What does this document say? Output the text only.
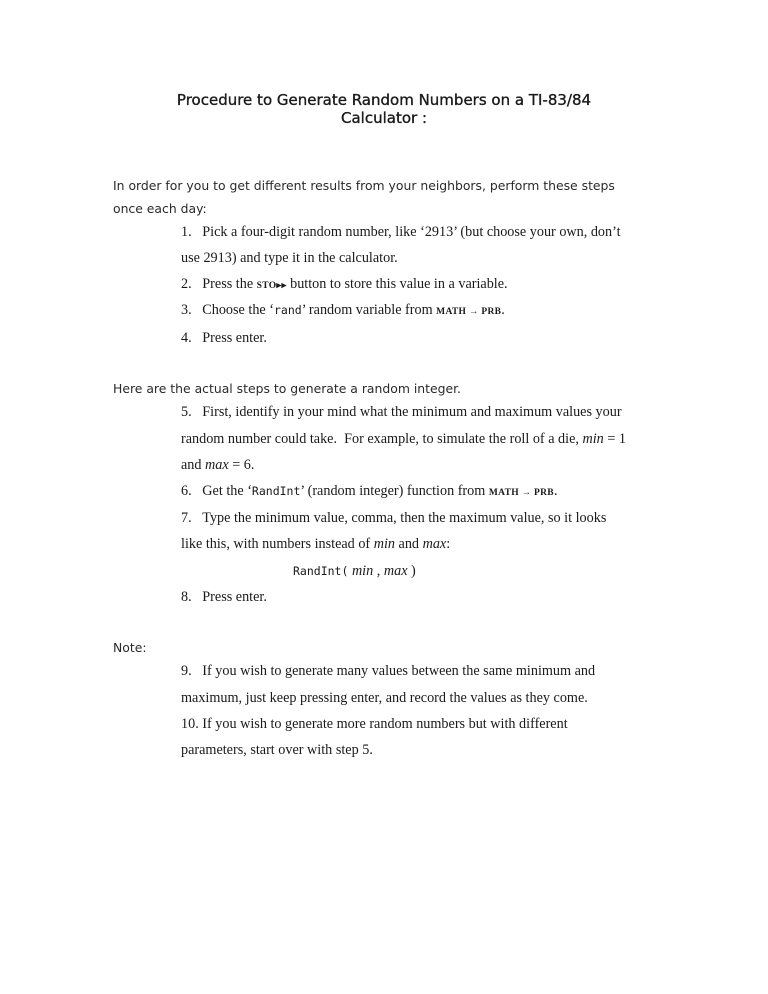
Procedure to Generate Random Numbers on a TI-83/84
Calculator :
In order for you to get different results from your neighbors, perform these steps
once each day:
1.   Pick a four-digit random number, like ‘2913’ (but choose your own, don’t
use 2913) and type it in the calculator.
2.   Press the STO▸▸ button to store this value in a variable.
3.   Choose the ‘rand’ random variable from MATH → PRB.
4.   Press enter.
Here are the actual steps to generate a random integer.
5.   First, identify in your mind what the minimum and maximum values your
random number could take.  For example, to simulate the roll of a die, min = 1
and max = 6.
6.   Get the ‘RandInt’ (random integer) function from MATH → PRB.
7.   Type the minimum value, comma, then the maximum value, so it looks
like this, with numbers instead of min and max:
RandInt( min , max )
8.   Press enter.
Note:
9.   If you wish to generate many values between the same minimum and
maximum, just keep pressing enter, and record the values as they come.
10. If you wish to generate more random numbers but with different
parameters, start over with step 5.
